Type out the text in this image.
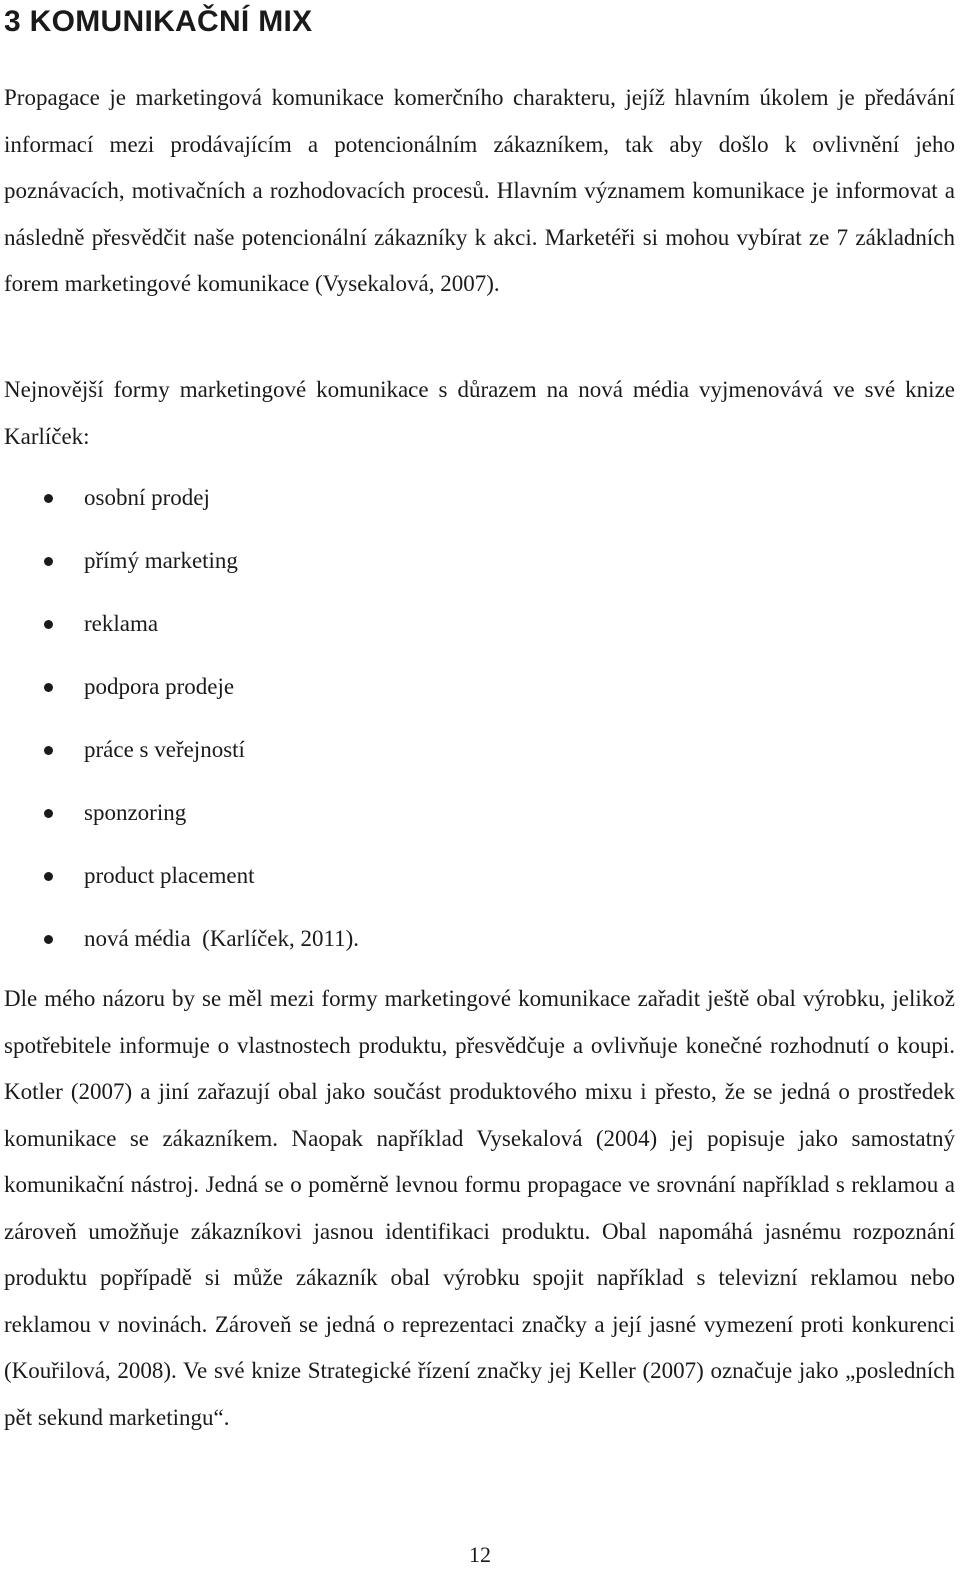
3 KOMUNIKAČNÍ MIX

Propagace je marketingová komunikace komerčního charakteru, jejíž hlavním úkolem je předávání informací mezi prodávajícím a potencionálním zákazníkem, tak aby došlo k ovlivnění jeho poznávacích, motivačních a rozhodovacích procesů. Hlavním významem komunikace je informovat a následně přesvědčit naše potencionální zákazníky k akci. Marketéři si mohou vybírat ze 7 základních forem marketingové komunikace (Vysekalová, 2007).

Nejnovější formy marketingové komunikace s důrazem na nová média vyjmenovává ve své knize Karlíček:

osobní prodej
přímý marketing
reklama
podpora prodeje
práce s veřejností
sponzoring
product placement
nová média  (Karlíček, 2011).

Dle mého názoru by se měl mezi formy marketingové komunikace zařadit ještě obal výrobku, jelikož spotřebitele informuje o vlastnostech produktu, přesvědčuje a ovlivňuje konečné rozhodnutí o koupi. Kotler (2007) a jiní zařazují obal jako součást produktového mixu i přesto, že se jedná o prostředek komunikace se zákazníkem. Naopak například Vysekalová (2004) jej popisuje jako samostatný komunikační nástroj. Jedná se o poměrně levnou formu propagace ve srovnání například s reklamou a zároveň umožňuje zákazníkovi jasnou identifikaci produktu. Obal napomáhá jasnému rozpoznání produktu popřípadě si může zákazník obal výrobku spojit například s televizní reklamou nebo reklamou v novinách. Zároveň se jedná o reprezentaci značky a její jasné vymezení proti konkurenci (Kouřilová, 2008). Ve své knize Strategické řízení značky jej Keller (2007) označuje jako „posledních pět sekund marketingu“.

12
